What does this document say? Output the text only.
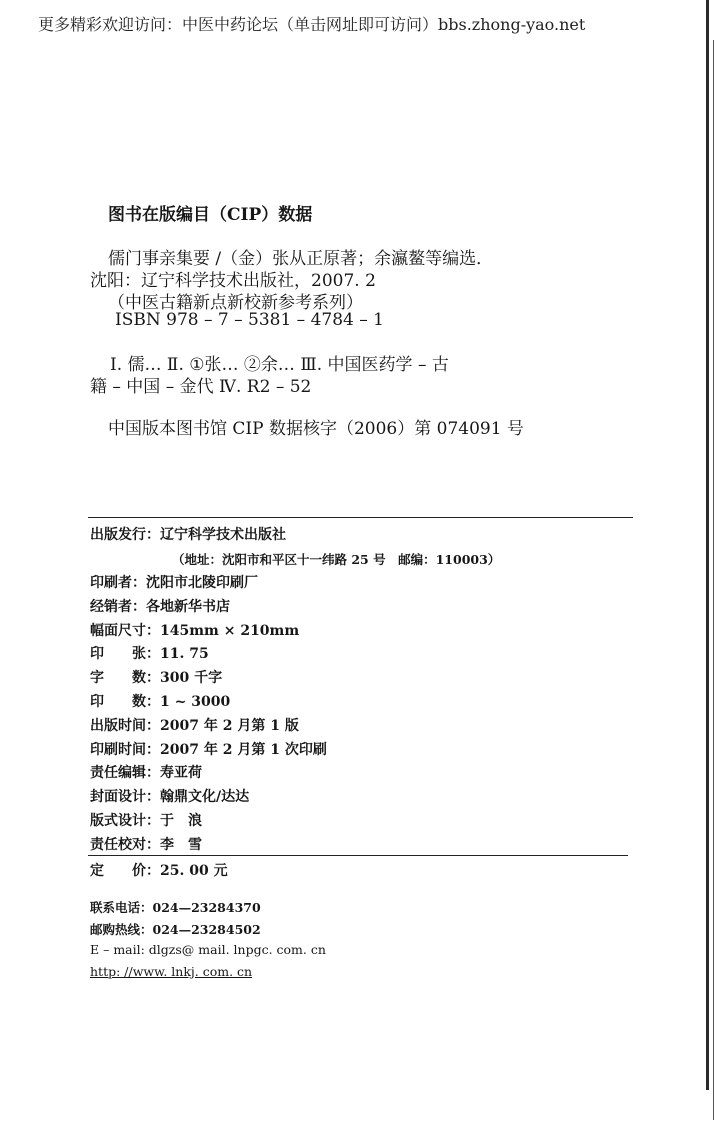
更多精彩欢迎访问：中医中药论坛（单击网址即可访问）bbs.zhong-yao.net
图书在版编目（CIP）数据
儒门事亲集要 /（金）张从正原著；余瀛鳌等编选．
沈阳：辽宁科学技术出版社，2007. 2
（中医古籍新点新校新参考系列）
ISBN 978 – 7 – 5381 – 4784 – 1
Ⅰ. 儒… Ⅱ. ①张… ②余… Ⅲ. 中国医药学 – 古
籍 – 中国 – 金代 Ⅳ. R2 – 52
中国版本图书馆 CIP 数据核字（2006）第 074091 号
出版发行：辽宁科学技术出版社
（地址：沈阳市和平区十一纬路 25 号　邮编：110003）
印刷者：沈阳市北陵印刷厂
经销者：各地新华书店
幅面尺寸：145mm × 210mm
印　　张：11. 75
字　　数：300 千字
印　　数：1 ~ 3000
出版时间：2007 年 2 月第 1 版
印刷时间：2007 年 2 月第 1 次印刷
责任编辑：寿亚荷
封面设计：翰鼎文化/达达
版式设计：于　浪
责任校对：李　雪
定　　价：25. 00 元
联系电话：024—23284370
邮购热线：024—23284502
E – mail: dlgzs@ mail. lnpgc. com. cn
http: //www. lnkj. com. cn
